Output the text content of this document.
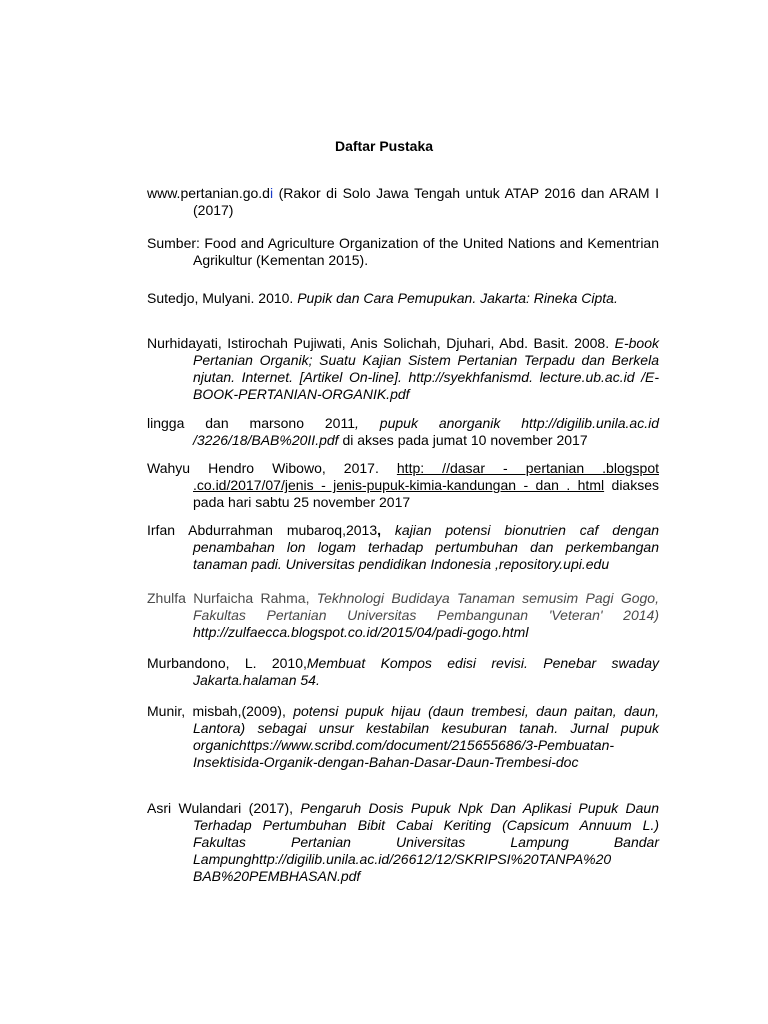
Daftar Pustaka

www.pertanian.go.di (Rakor di Solo Jawa Tengah untuk ATAP 2016 dan ARAM I (2017)

Sumber: Food and Agriculture Organization of the United Nations and Kementrian Agrikultur (Kementan 2015).

Sutedjo, Mulyani. 2010. Pupik dan Cara Pemupukan. Jakarta: Rineka Cipta.

Nurhidayati, Istirochah Pujiwati, Anis Solichah, Djuhari, Abd. Basit. 2008. E-book Pertanian Organik; Suatu Kajian Sistem Pertanian Terpadu dan Berkela njutan. Internet. [Artikel On-line]. http://syekhfanismd. lecture.ub.ac.id /E-BOOK-PERTANIAN-ORGANIK.pdf

lingga dan marsono 2011, pupuk anorganik http://digilib.unila.ac.id /3226/18/BAB%20II.pdf di akses pada jumat 10 november 2017

Wahyu Hendro Wibowo, 2017. http: //dasar - pertanian .blogspot .co.id/2017/07/jenis - jenis-pupuk-kimia-kandungan - dan . html diakses pada hari sabtu 25 november 2017

Irfan Abdurrahman mubaroq,2013, kajian potensi bionutrien caf dengan penambahan lon logam terhadap pertumbuhan dan perkembangan tanaman padi. Universitas pendidikan Indonesia ,repository.upi.edu

Zhulfa Nurfaicha Rahma, Tekhnologi Budidaya Tanaman semusim Pagi Gogo, Fakultas Pertanian Universitas Pembangunan 'Veteran' 2014) http://zulfaecca.blogspot.co.id/2015/04/padi-gogo.html

Murbandono, L. 2010,Membuat Kompos edisi revisi. Penebar swaday Jakarta.halaman 54.

Munir, misbah,(2009), potensi pupuk hijau (daun trembesi, daun paitan, daun, Lantora) sebagai unsur kestabilan kesuburan tanah. Jurnal pupuk organichttps://www.scribd.com/document/215655686/3-Pembuatan-Insektisida-Organik-dengan-Bahan-Dasar-Daun-Trembesi-doc

Asri Wulandari (2017), Pengaruh Dosis Pupuk Npk Dan Aplikasi Pupuk Daun Terhadap Pertumbuhan Bibit Cabai Keriting (Capsicum Annuum L.) Fakultas Pertanian Universitas Lampung Bandar Lampunghttp://digilib.unila.ac.id/26612/12/SKRIPSI%20TANPA%20 BAB%20PEMBHASAN.pdf
